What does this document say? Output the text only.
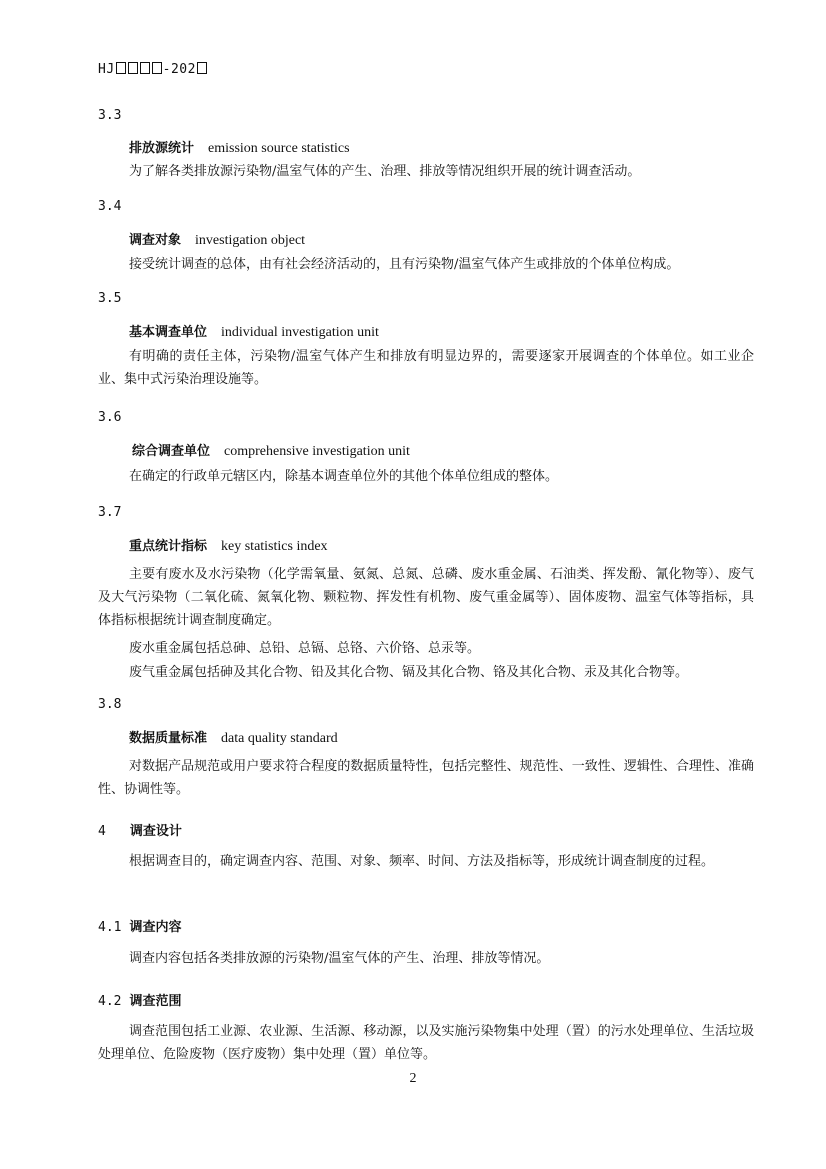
HJ	-202
3.3
排放源统计 emission source statistics
为了解各类排放源污染物/温室气体的产生、治理、排放等情况组织开展的统计调查活动。
3.4
调查对象 investigation object
接受统计调查的总体，由有社会经济活动的，且有污染物/温室气体产生或排放的个体单位构成。
3.5
基本调查单位 individual investigation unit
有明确的责任主体，污染物/温室气体产生和排放有明显边界的，需要逐家开展调查的个体单位。如工业企业、集中式污染治理设施等。
3.6
综合调查单位 comprehensive investigation unit
在确定的行政单元辖区内，除基本调查单位外的其他个体单位组成的整体。
3.7
重点统计指标 key statistics index
主要有废水及水污染物（化学需氧量、氨氮、总氮、总磷、废水重金属、石油类、挥发酚、氰化物等）、废气及大气污染物（二氧化硫、氮氧化物、颗粒物、挥发性有机物、废气重金属等）、固体废物、温室气体等指标，具体指标根据统计调查制度确定。
废水重金属包括总砷、总铅、总镉、总铬、六价铬、总汞等。
废气重金属包括砷及其化合物、铅及其化合物、镉及其化合物、铬及其化合物、汞及其化合物等。
3.8
数据质量标准 data quality standard
对数据产品规范或用户要求符合程度的数据质量特性，包括完整性、规范性、一致性、逻辑性、合理性、准确性、协调性等。
4 调查设计
根据调查目的，确定调查内容、范围、对象、频率、时间、方法及指标等，形成统计调查制度的过程。
4.1 调查内容
调查内容包括各类排放源的污染物/温室气体的产生、治理、排放等情况。
4.2 调查范围
调查范围包括工业源、农业源、生活源、移动源，以及实施污染物集中处理（置）的污水处理单位、生活垃圾处理单位、危险废物（医疗废物）集中处理（置）单位等。
2
